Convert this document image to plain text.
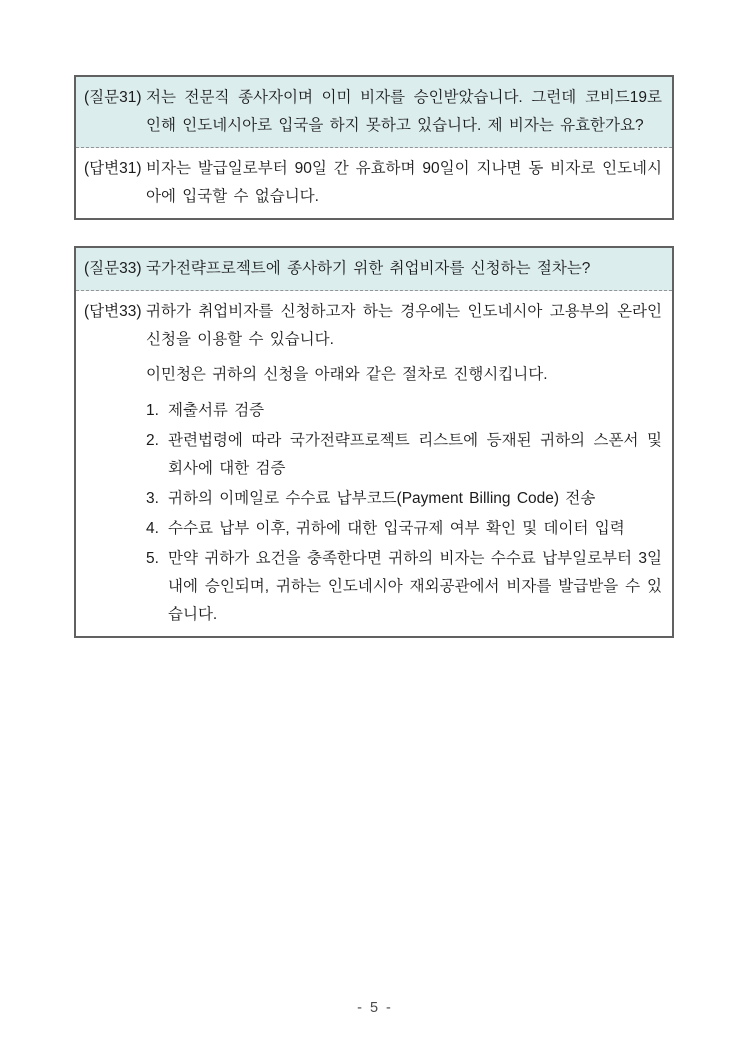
(질문31) 저는 전문직 종사자이며 이미 비자를 승인받았습니다. 그런데 코비드19로 인해 인도네시아로 입국을 하지 못하고 있습니다. 제 비자는 유효한가요?
(답변31) 비자는 발급일로부터 90일 간 유효하며 90일이 지나면 동 비자로 인도네시아에 입국할 수 없습니다.
(질문33) 국가전략프로젝트에 종사하기 위한 취업비자를 신청하는 절차는?
(답변33) 귀하가 취업비자를 신청하고자 하는 경우에는 인도네시아 고용부의 온라인 신청을 이용할 수 있습니다.

이민청은 귀하의 신청을 아래와 같은 절차로 진행시킵니다.

1. 제출서류 검증
2. 관련법령에 따라 국가전략프로젝트 리스트에 등재된 귀하의 스폰서 및 회사에 대한 검증
3. 귀하의 이메일로 수수료 납부코드(Payment Billing Code) 전송
4. 수수료 납부 이후, 귀하에 대한 입국규제 여부 확인 및 데이터 입력
5. 만약 귀하가 요건을 충족한다면 귀하의 비자는 수수료 납부일로부터 3일 내에 승인되며, 귀하는 인도네시아 재외공관에서 비자를 발급받을 수 있습니다.
- 5 -
